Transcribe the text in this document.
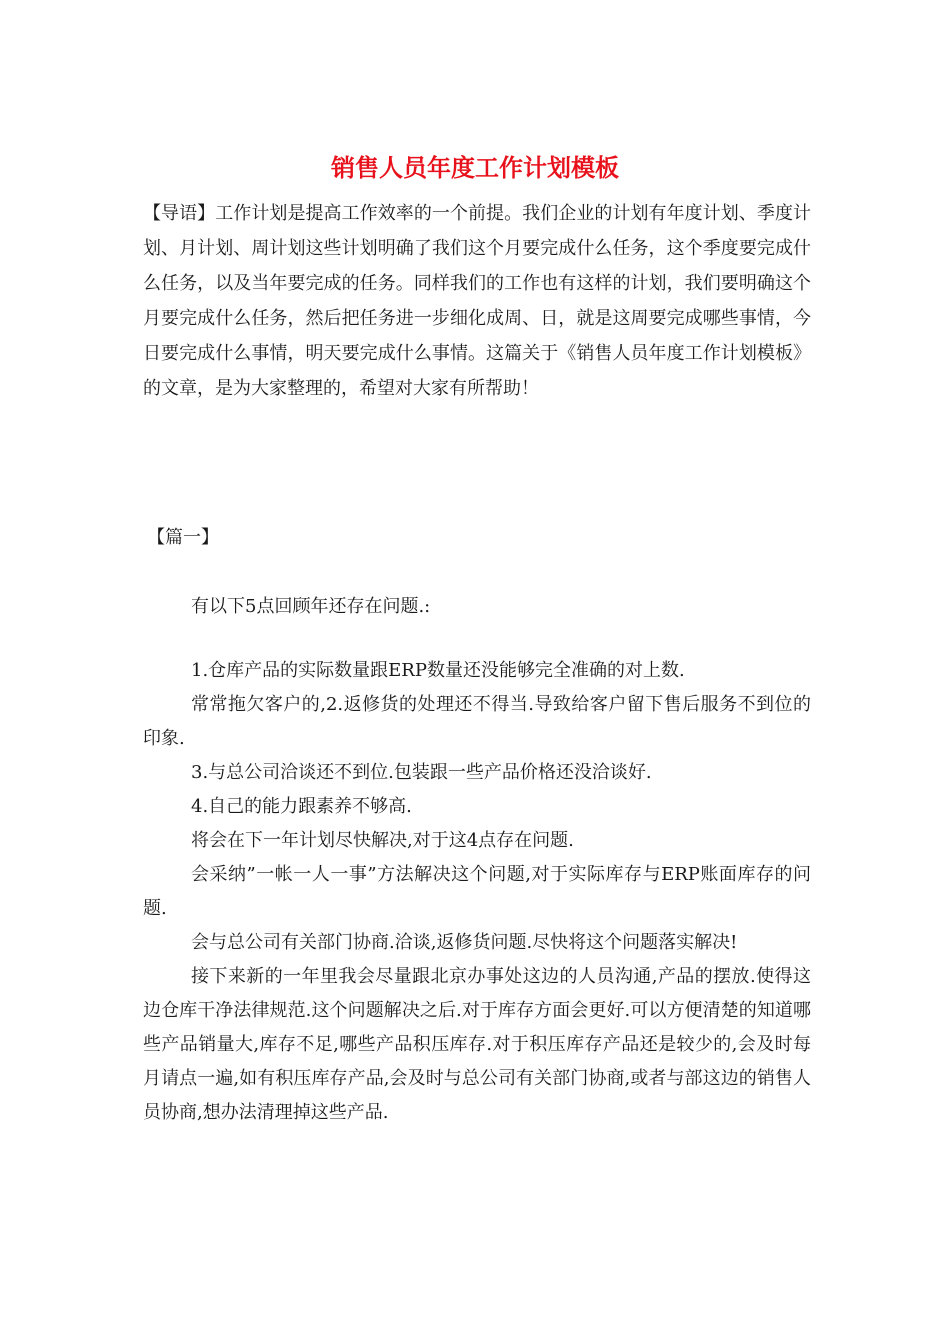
销售人员年度工作计划模板

【导语】工作计划是提高工作效率的一个前提。我们企业的计划有年度计划、季度计划、月计划、周计划这些计划明确了我们这个月要完成什么任务，这个季度要完成什么任务，以及当年要完成的任务。同样我们的工作也有这样的计划，我们要明确这个月要完成什么任务，然后把任务进一步细化成周、日，就是这周要完成哪些事情，今日要完成什么事情，明天要完成什么事情。这篇关于《销售人员年度工作计划模板》的文章，是为大家整理的，希望对大家有所帮助！

【篇一】

有以下5点回顾年还存在问题.:

1.仓库产品的实际数量跟ERP数量还没能够完全准确的对上数.

常常拖欠客户的,2.返修货的处理还不得当.导致给客户留下售后服务不到位的印象.

3.与总公司洽谈还不到位.包装跟一些产品价格还没洽谈好.

4.自己的能力跟素养不够高.

将会在下一年计划尽快解决,对于这4点存在问题.

会采纳”一帐一人一事”方法解决这个问题,对于实际库存与ERP账面库存的问题.

会与总公司有关部门协商.洽谈,返修货问题.尽快将这个问题落实解决!

接下来新的一年里我会尽量跟北京办事处这边的人员沟通,产品的摆放.使得这边仓库干净法律规范.这个问题解决之后.对于库存方面会更好.可以方便清楚的知道哪些产品销量大,库存不足,哪些产品积压库存.对于积压库存产品还是较少的,会及时每月请点一遍,如有积压库存产品,会及时与总公司有关部门协商,或者与部这边的销售人员协商,想办法清理掉这些产品.
